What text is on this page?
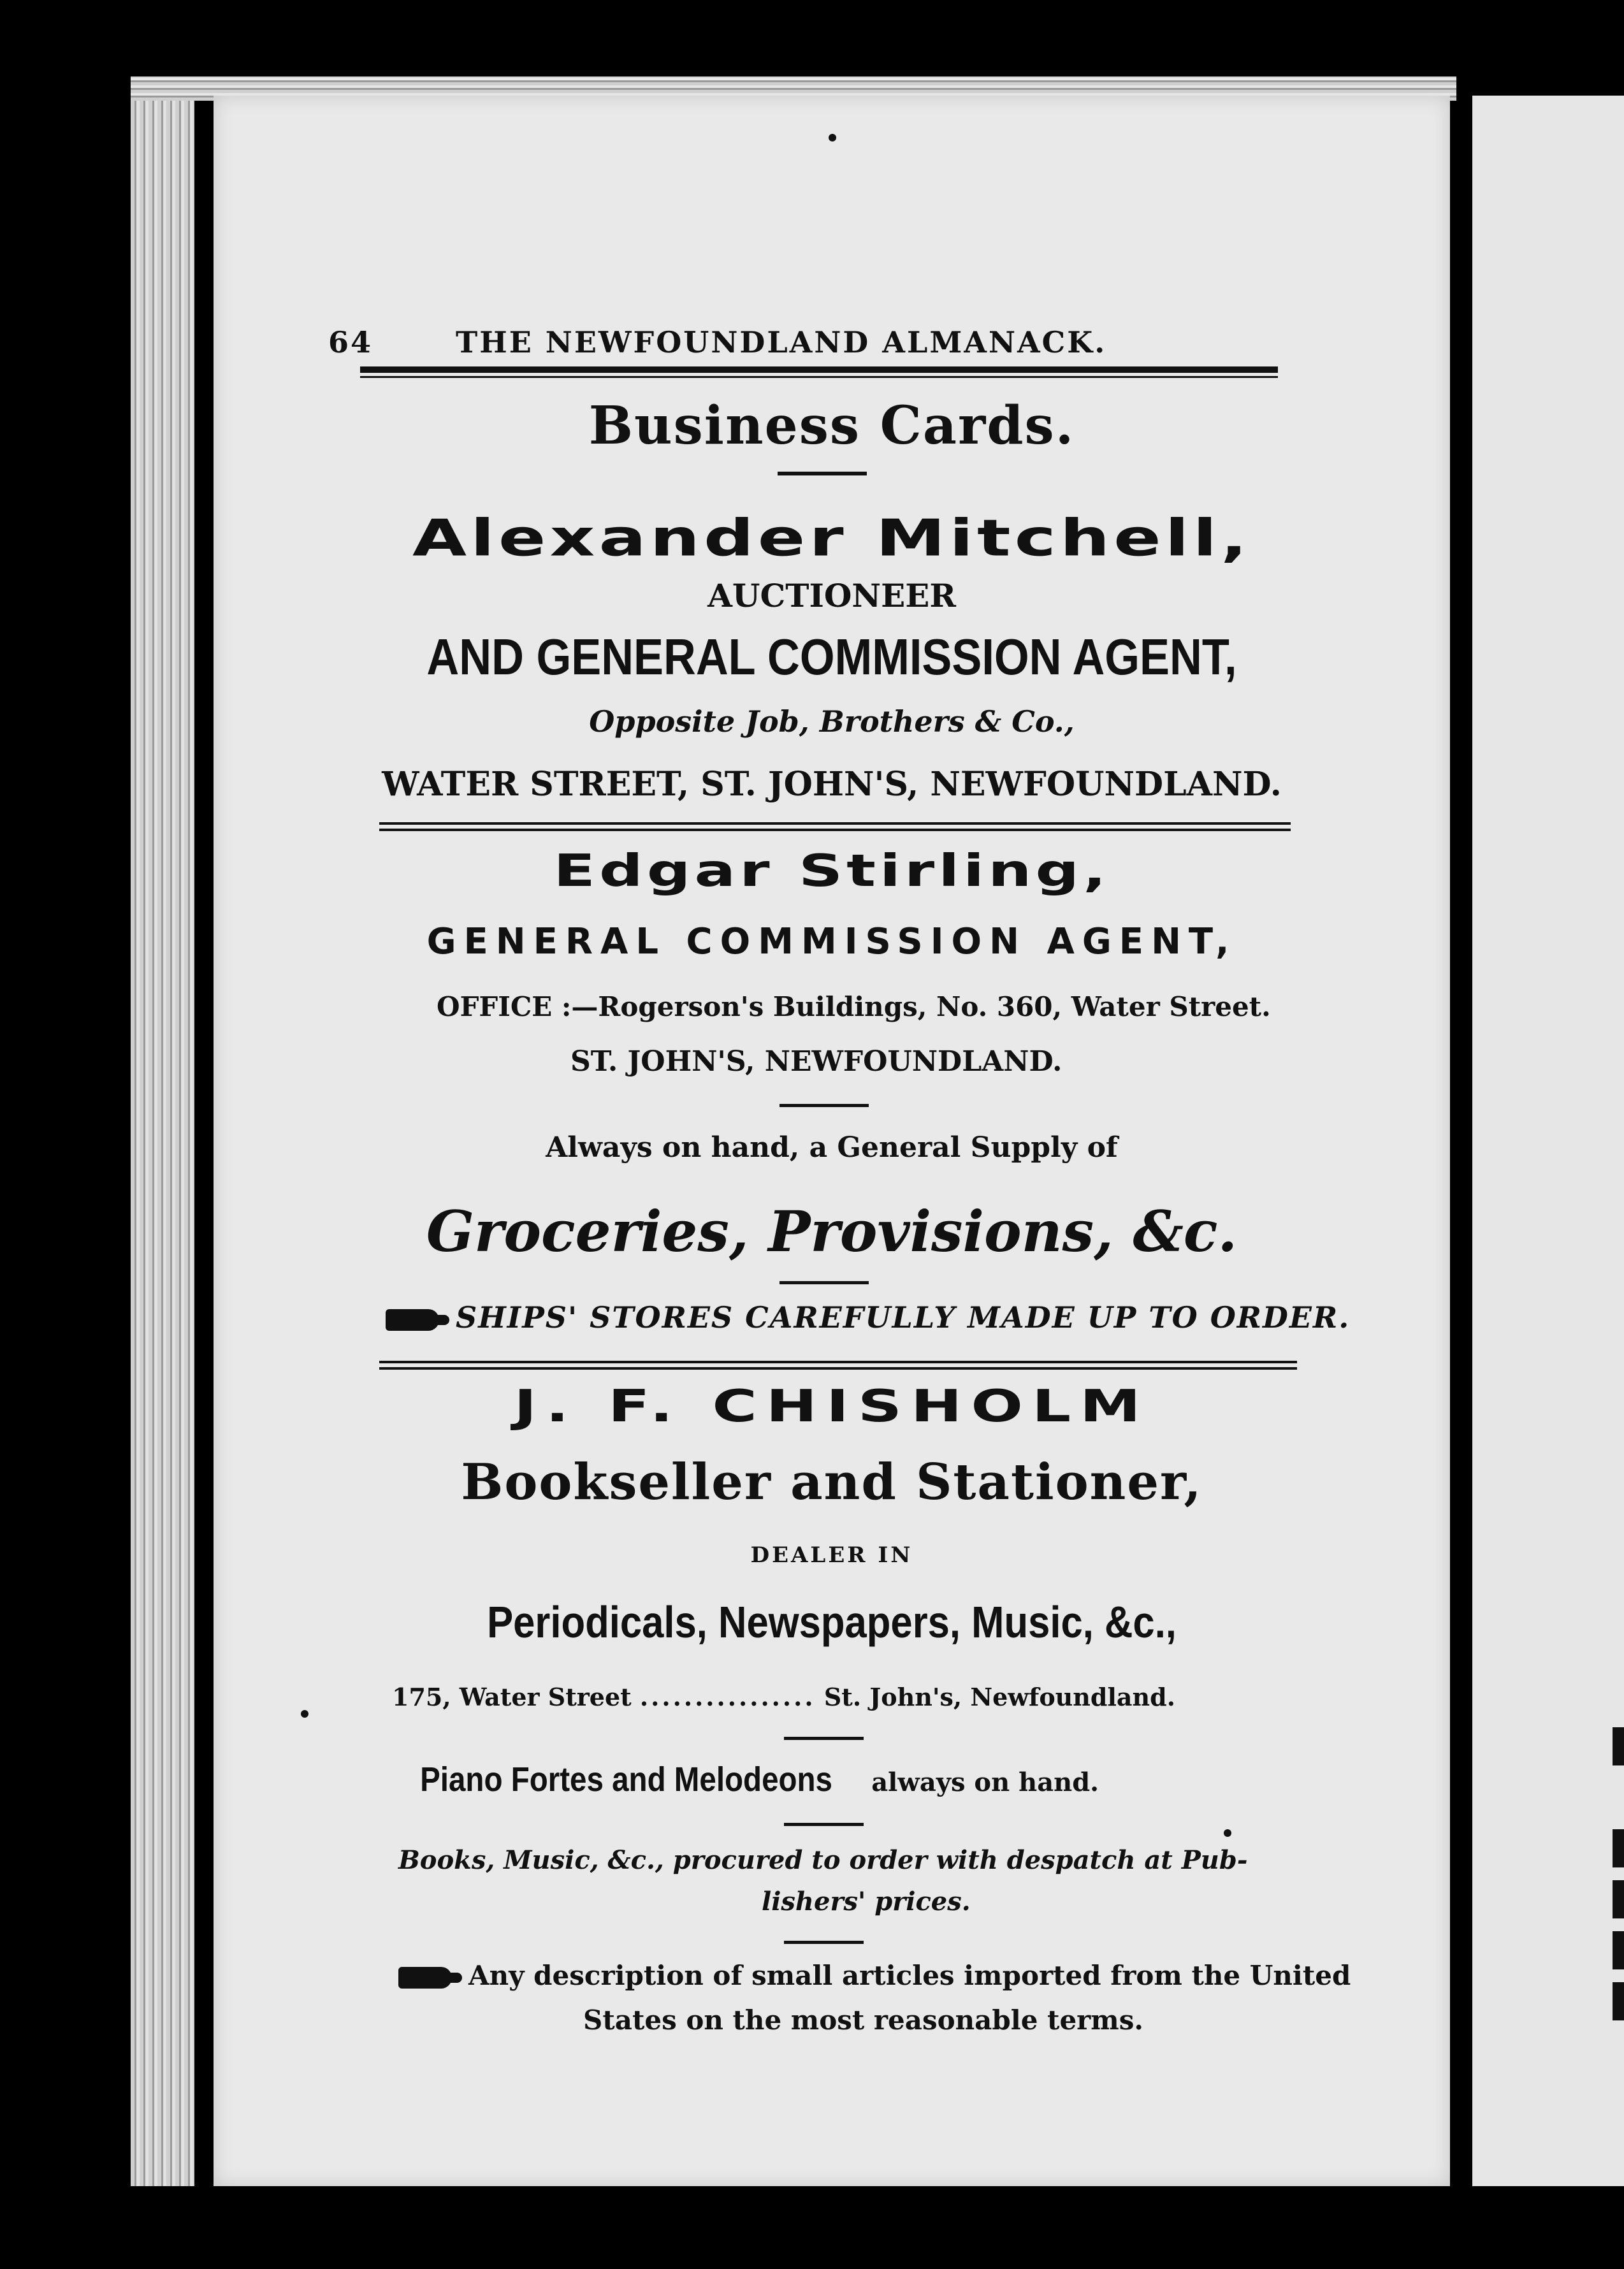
64	THE NEWFOUNDLAND ALMANACK.
Business Cards.
Alexander Mitchell,
AUCTIONEER
AND GENERAL COMMISSION AGENT,
Opposite Job, Brothers & Co.,
WATER STREET, ST. JOHN'S, NEWFOUNDLAND.
Edgar Stirling,
GENERAL COMMISSION AGENT,
OFFICE :—Rogerson's Buildings, No. 360, Water Street.
ST. JOHN'S, NEWFOUNDLAND.
Always on hand, a General Supply of
Groceries, Provisions, &c.
SHIPS' STORES CAREFULLY MADE UP TO ORDER.
J. F. CHISHOLM
Bookseller and Stationer,
DEALER IN
Periodicals, Newspapers, Music, &c.,
175, Water Street ................ St. John's, Newfoundland.
Piano Fortes and Melodeons always on hand.
Books, Music, &c., procured to order with despatch at Pub-
lishers' prices.
Any description of small articles imported from the United
States on the most reasonable terms.
